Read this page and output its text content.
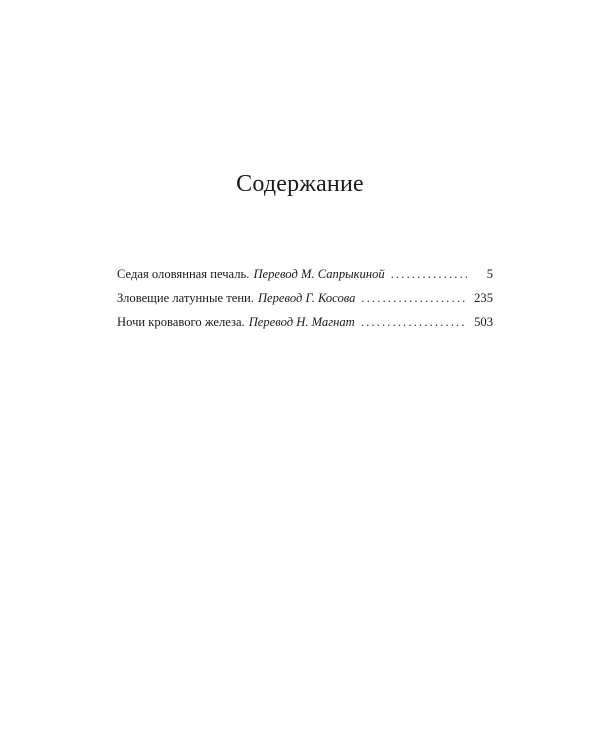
Содержание
Седая оловянная печаль. Перевод М. Сапрыкиной . . .	5
Зловещие латунные тени. Перевод Г. Косова . . .	235
Ночи кровавого железа. Перевод Н. Магнат . . .	503
